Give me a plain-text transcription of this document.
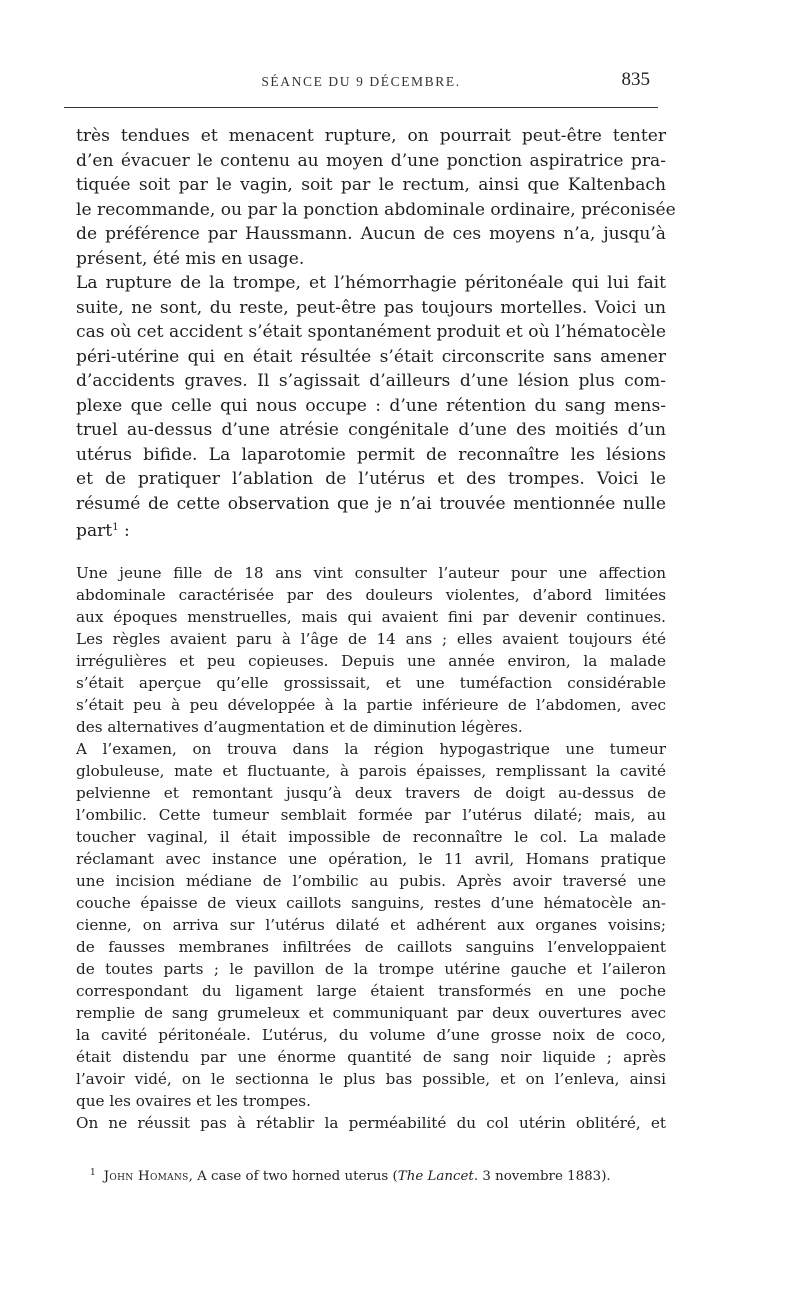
SÉANCE DU 9 DÉCEMBRE.	835
très tendues et menacent rupture, on pourrait peut-être tenter
d’en évacuer le contenu au moyen d’une ponction aspiratrice pra-
tiquée soit par le vagin, soit par le rectum, ainsi que Kaltenbach
le recommande, ou par la ponction abdominale ordinaire, préconisée
de préférence par Haussmann. Aucun de ces moyens n’a, jusqu’à
présent, été mis en usage.
La rupture de la trompe, et l’hémorrhagie péritonéale qui lui fait
suite, ne sont, du reste, peut-être pas toujours mortelles. Voici un
cas où cet accident s’était spontanément produit et où l’hématocèle
péri-utérine qui en était résultée s’était circonscrite sans amener
d’accidents graves. Il s’agissait d’ailleurs d’une lésion plus com-
plexe que celle qui nous occupe : d’une rétention du sang mens-
truel au-dessus d’une atrésie congénitale d’une des moitiés d’un
utérus bifide. La laparotomie permit de reconnaître les lésions
et de pratiquer l’ablation de l’utérus et des trompes. Voici le
résumé de cette observation que je n’ai trouvée mentionnée nulle
part$^1$ :
Une jeune fille de 18 ans vint consulter l’auteur pour une affection
abdominale caractérisée par des douleurs violentes, d’abord limitées
aux époques menstruelles, mais qui avaient fini par devenir continues.
Les règles avaient paru à l’âge de 14 ans ; elles avaient toujours été
irrégulières et peu copieuses. Depuis une année environ, la malade
s’était aperçue qu’elle grossissait, et une tuméfaction considérable
s’était peu à peu développée à la partie inférieure de l’abdomen, avec
des alternatives d’augmentation et de diminution légères.
A l’examen, on trouva dans la région hypogastrique une tumeur
globuleuse, mate et fluctuante, à parois épaisses, remplissant la cavité
pelvienne et remontant jusqu’à deux travers de doigt au-dessus de
l’ombilic. Cette tumeur semblait formée par l’utérus dilaté; mais, au
toucher vaginal, il était impossible de reconnaître le col. La malade
réclamant avec instance une opération, le 11 avril, Homans pratique
une incision médiane de l’ombilic au pubis. Après avoir traversé une
couche épaisse de vieux caillots sanguins, restes d’une hématocèle an-
cienne, on arriva sur l’utérus dilaté et adhérent aux organes voisins;
de fausses membranes infiltrées de caillots sanguins l’enveloppaient
de toutes parts ; le pavillon de la trompe utérine gauche et l’aileron
correspondant du ligament large étaient transformés en une poche
remplie de sang grumeleux et communiquant par deux ouvertures avec
la cavité péritonéale. L’utérus, du volume d’une grosse noix de coco,
était distendu par une énorme quantité de sang noir liquide ; après
l’avoir vidé, on le sectionna le plus bas possible, et on l’enleva, ainsi
que les ovaires et les trompes.
On ne réussit pas à rétablir la perméabilité du col utérin oblitéré, et
$^1$ John Homans, A case of two horned uterus (The Lancet. 3 novembre 1883).
